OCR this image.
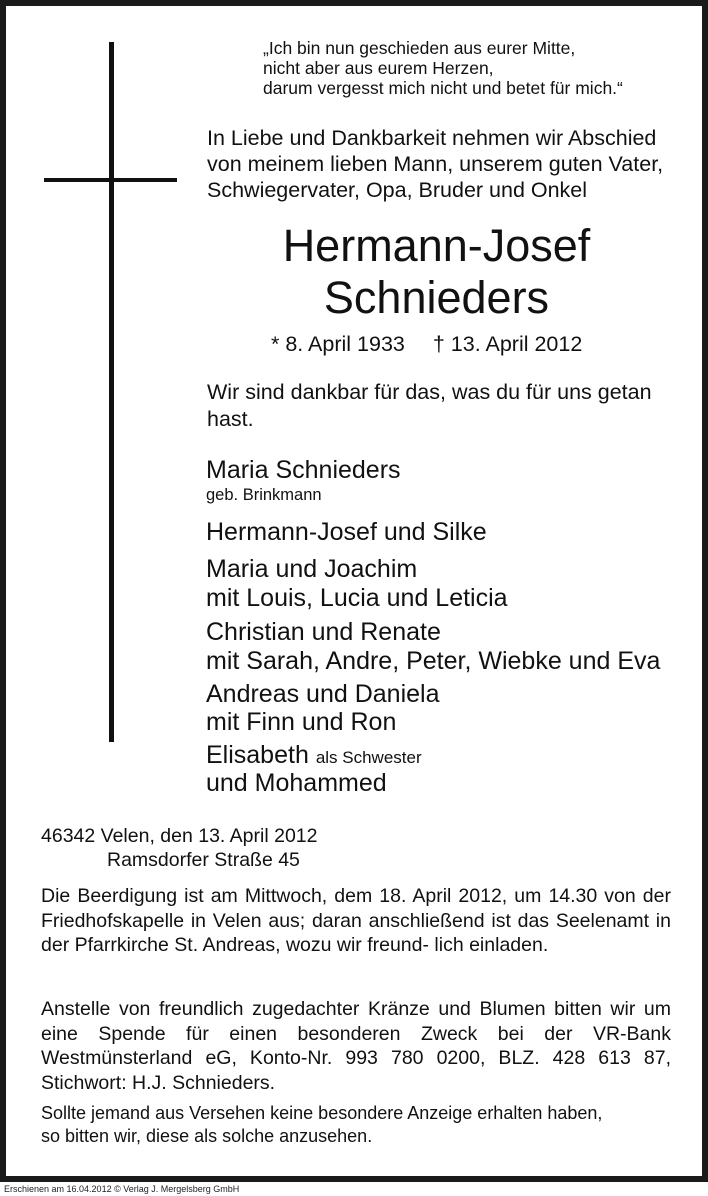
„Ich bin nun geschieden aus eurer Mitte,
nicht aber aus eurem Herzen,
darum vergesst mich nicht und betet für mich.“
In Liebe und Dankbarkeit nehmen wir Abschied
von meinem lieben Mann, unserem guten Vater,
Schwiegervater, Opa, Bruder und Onkel
Hermann-Josef
Schnieders
* 8. April 1933 † 13. April 2012
Wir sind dankbar für das, was du für uns getan
hast.
Maria Schnieders
geb. Brinkmann
Hermann-Josef und Silke
Maria und Joachim
mit Louis, Lucia und Leticia
Christian und Renate
mit Sarah, Andre, Peter, Wiebke und Eva
Andreas und Daniela
mit Finn und Ron
Elisabeth als Schwester
und Mohammed
46342 Velen, den 13. April 2012
Ramsdorfer Straße 45
Die Beerdigung ist am Mittwoch, dem 18. April 2012, um 14.30 von der Friedhofskapelle in Velen aus; daran anschließend ist das Seelenamt in der Pfarrkirche St. Andreas, wozu wir freund- lich einladen.
Anstelle von freundlich zugedachter Kränze und Blumen bitten wir um eine Spende für einen besonderen Zweck bei der VR-Bank Westmünsterland eG, Konto-Nr. 993 780 0200, BLZ. 428 613 87, Stichwort: H.J. Schnieders.
Sollte jemand aus Versehen keine besondere Anzeige erhalten haben,
so bitten wir, diese als solche anzusehen.
Erschienen am 16.04.2012 © Verlag J. Mergelsberg GmbH
